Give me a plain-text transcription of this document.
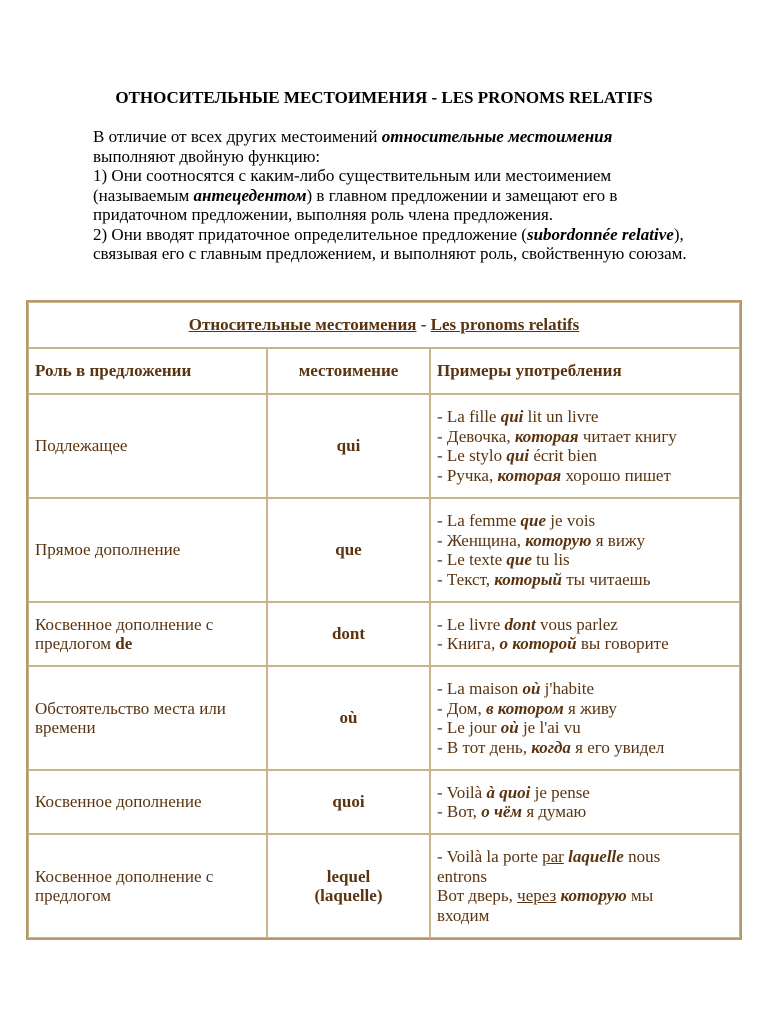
ОТНОСИТЕЛЬНЫЕ МЕСТОИМЕНИЯ - LES PRONOMS RELATIFS

В отличие от всех других местоимений относительные местоимения выполняют двойную функцию:

1) Они соотносятся с каким-либо существительным или местоимением (называемым антецедентом) в главном предложении и замещают его в придаточном предложении, выполняя роль члена предложения.

2) Они вводят придаточное определительное предложение (subordonnée relative), связывая его с главным предложением, и выполняют роль, свойственную союзам.

Относительные местоимения - Les pronoms relatifs		
Роль в предложении	местоимение	Примеры употребления
Подлежащее	qui	- La fille qui lit un livre
- Девочка, которая читает книгу
- Le stylo qui écrit bien
- Ручка, которая хорошо пишет

Прямое дополнение	que	- La femme que je vois
- Женщина, которую я вижу
- Le texte que tu lis
- Текст, который ты читаешь

Косвенное дополнение с предлогом de	dont	- Le livre dont vous parlez
- Книга, о которой вы говорите

Обстоятельство места или времени	où	- La maison où j'habite
- Дом, в котором я живу
- Le jour où je l'ai vu
- В тот день, когда я его увидел

Косвенное дополнение	quoi	- Voilà à quoi je pense
- Вот, о чём я думаю

Косвенное дополнение с предлогом	lequel
(laquelle)	- Voilà la porte par laquelle nous
entrons
Вот дверь, через которую мы
входим
